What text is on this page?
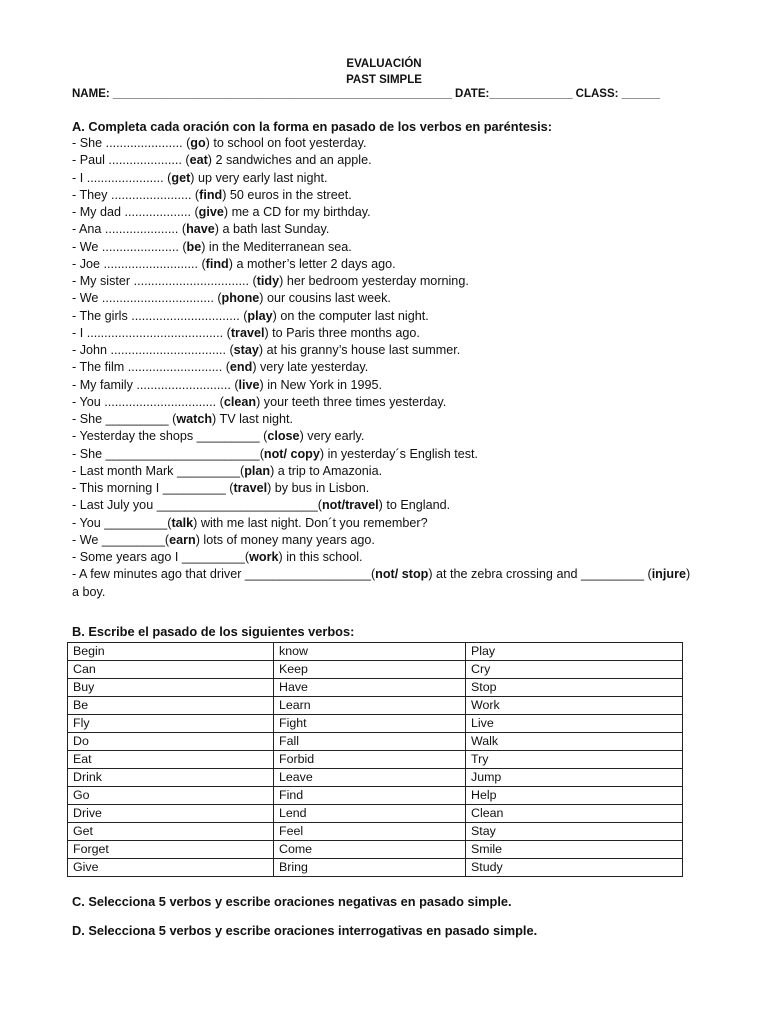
EVALUACIÓN
PAST SIMPLE
NAME: _____________________________________________________ DATE:_____________ CLASS: ______
A. Completa cada oración con la forma en pasado de los verbos en paréntesis:
- She ...................... (go) to school on foot yesterday.
- Paul ..................... (eat) 2 sandwiches and an apple.
- I ...................... (get) up very early last night.
- They ....................... (find) 50 euros in the street.
- My dad ................... (give) me a CD for my birthday.
- Ana ..................... (have) a bath last Sunday.
- We ...................... (be) in the Mediterranean sea.
- Joe ........................... (find) a mother’s letter 2 days ago.
- My sister ................................. (tidy) her bedroom yesterday morning.
- We ................................ (phone) our cousins last week.
- The girls ............................... (play) on the computer last night.
- I ....................................... (travel) to Paris three months ago.
- John ................................. (stay) at his granny’s house last summer.
- The film ........................... (end) very late yesterday.
- My family ........................... (live) in New York in 1995.
- You ................................ (clean) your teeth three times yesterday.
- She _________ (watch) TV last night.
- Yesterday the shops _________ (close) very early.
- She ______________________(not/ copy) in yesterday´s English test.
- Last month Mark _________(plan) a trip to Amazonia.
- This morning I _________ (travel) by bus in Lisbon.
- Last July you _______________________(not/travel) to England.
- You _________(talk) with me last night. Don´t you remember?
- We _________(earn) lots of money many years ago.
- Some years ago I _________(work) in this school.
- A few minutes ago that driver __________________(not/ stop) at the zebra crossing and _________ (injure) a boy.
B. Escribe el pasado de los siguientes verbos:
Begin	know	Play
Can	Keep	Cry
Buy	Have	Stop
Be	Learn	Work
Fly	Fight	Live
Do	Fall	Walk
Eat	Forbid	Try
Drink	Leave	Jump
Go	Find	Help
Drive	Lend	Clean
Get	Feel	Stay
Forget	Come	Smile
Give	Bring	Study
C. Selecciona 5 verbos y escribe oraciones negativas en pasado simple.
D. Selecciona 5 verbos y escribe oraciones interrogativas en pasado simple.
